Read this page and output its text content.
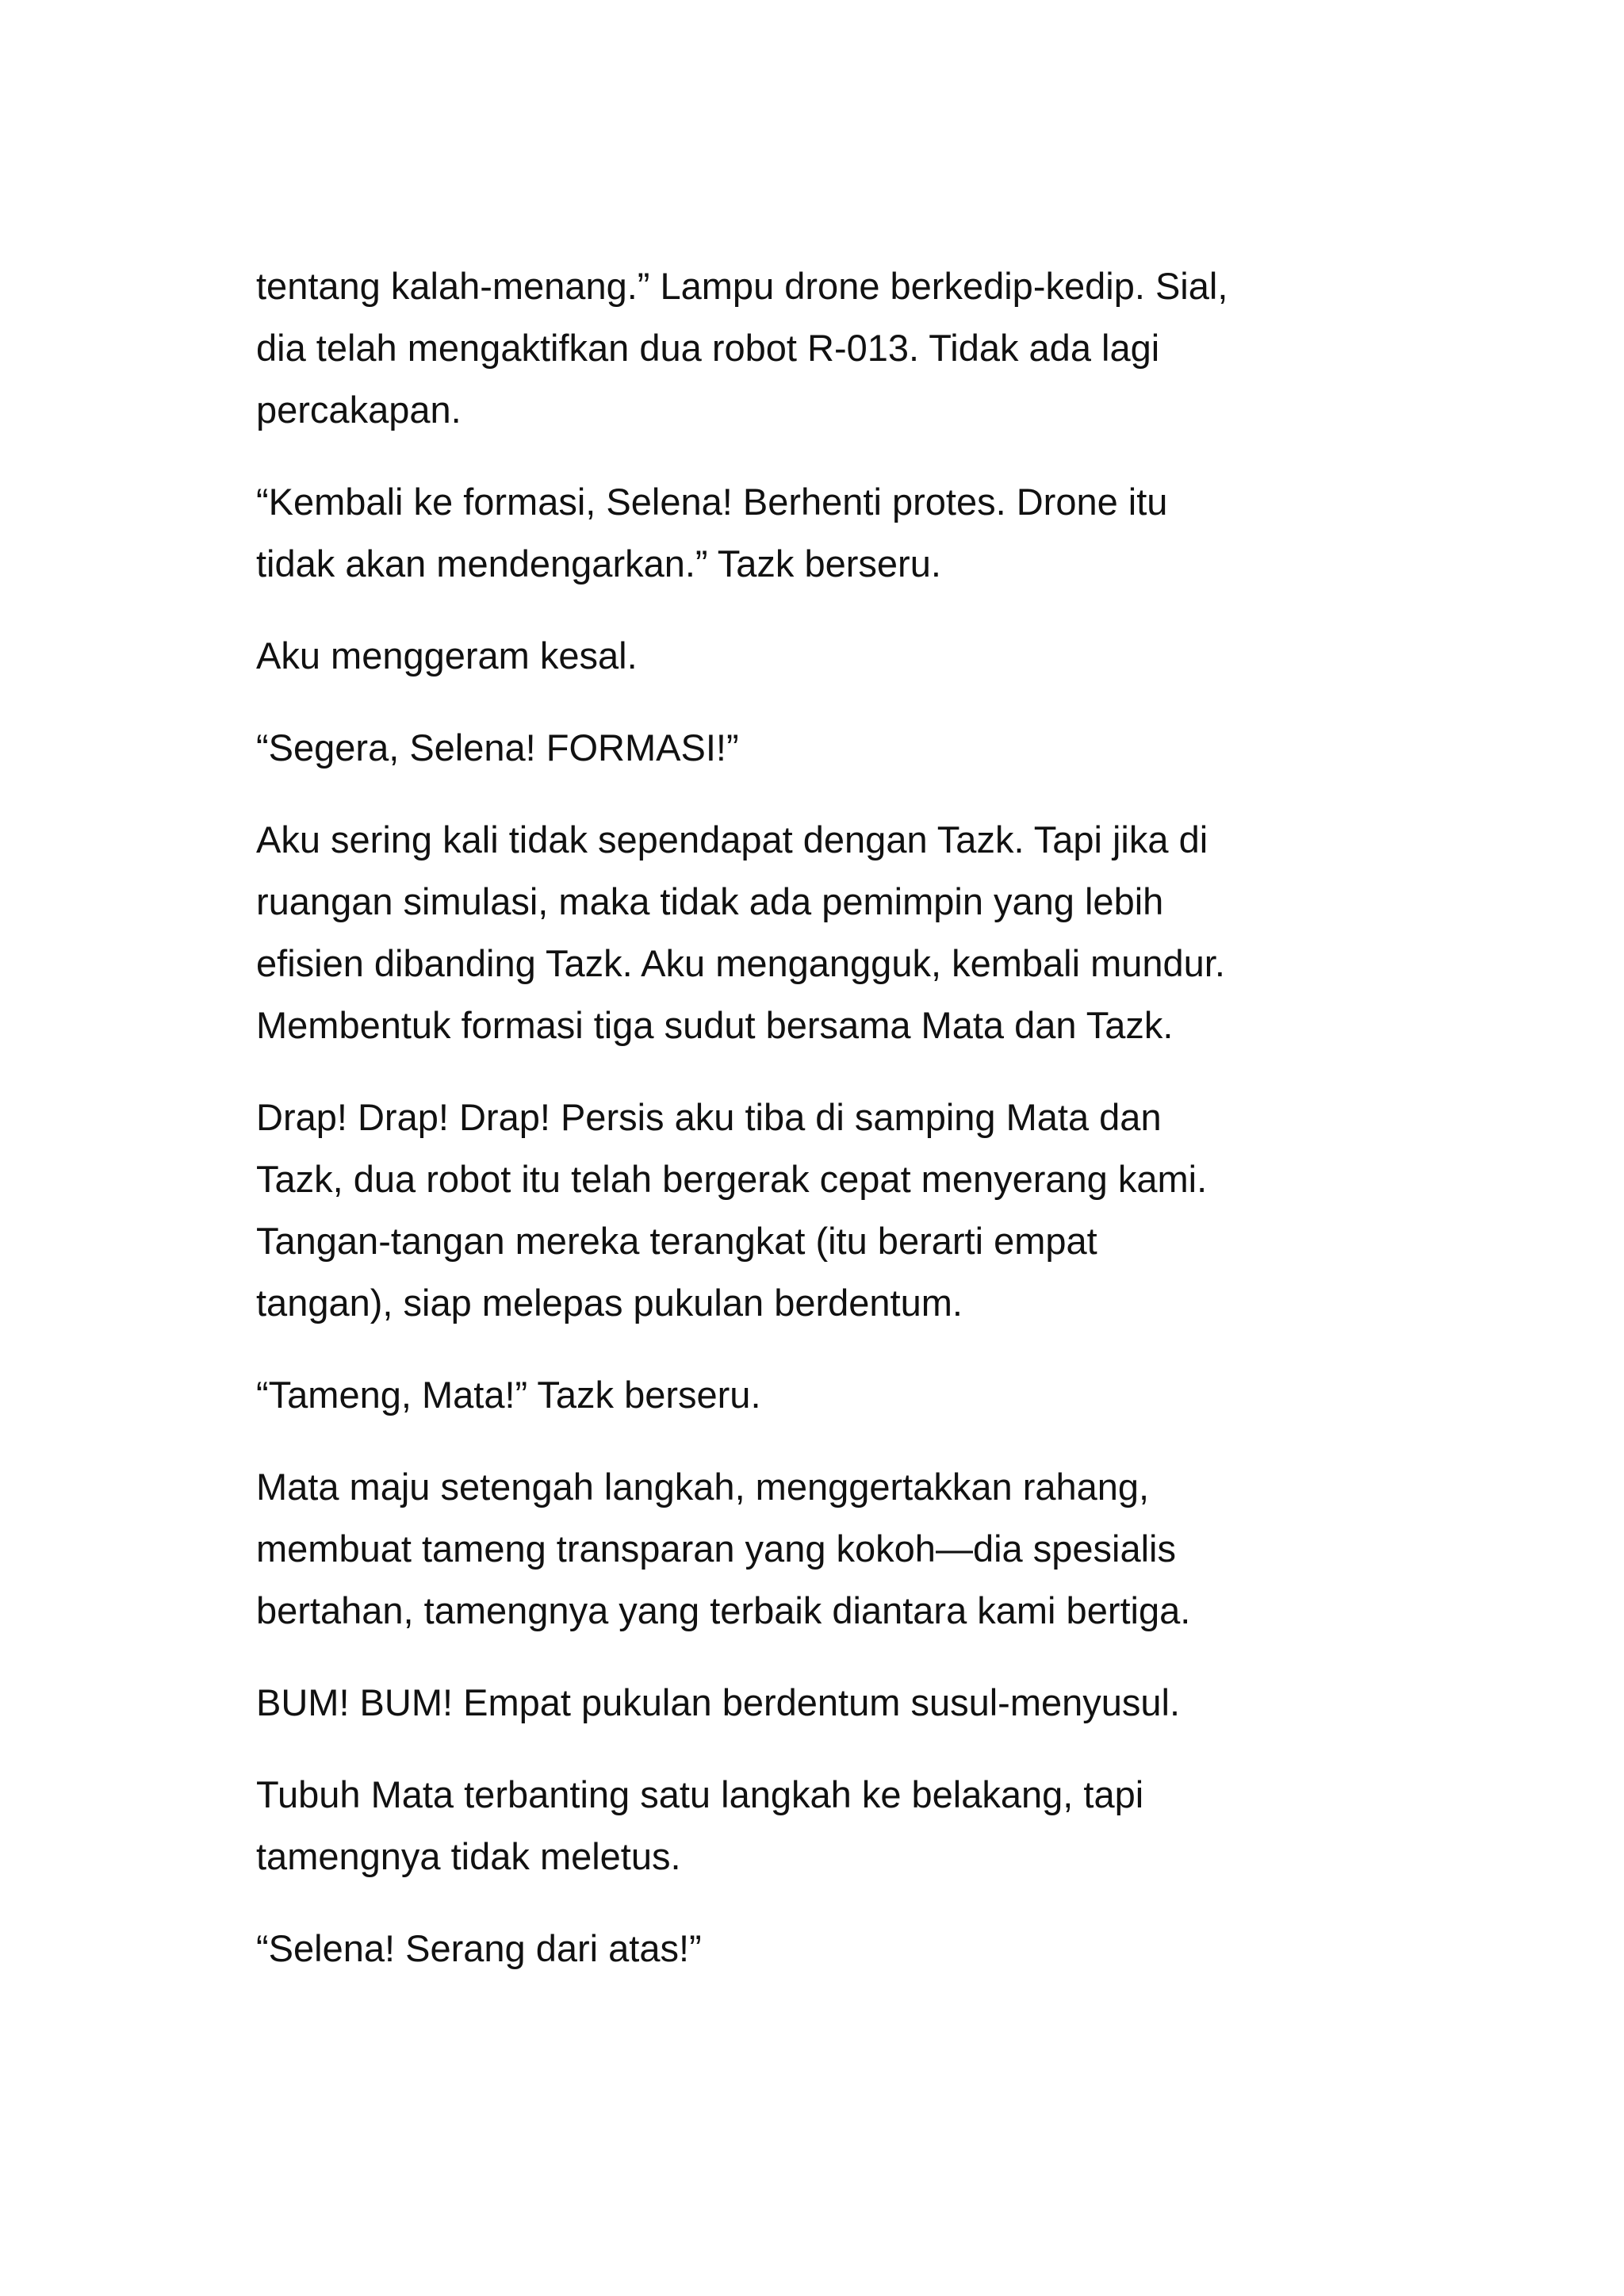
tentang kalah-menang.” Lampu drone berkedip-kedip. Sial,
dia telah mengaktifkan dua robot R-013. Tidak ada lagi
percakapan.

“Kembali ke formasi, Selena! Berhenti protes. Drone itu
tidak akan mendengarkan.” Tazk berseru.

Aku menggeram kesal.

“Segera, Selena! FORMASI!”

Aku sering kali tidak sependapat dengan Tazk. Tapi jika di
ruangan simulasi, maka tidak ada pemimpin yang lebih
efisien dibanding Tazk. Aku mengangguk, kembali mundur.
Membentuk formasi tiga sudut bersama Mata dan Tazk.

Drap! Drap! Drap! Persis aku tiba di samping Mata dan
Tazk, dua robot itu telah bergerak cepat menyerang kami.
Tangan-tangan mereka terangkat (itu berarti empat
tangan), siap melepas pukulan berdentum.

“Tameng, Mata!” Tazk berseru.

Mata maju setengah langkah, menggertakkan rahang,
membuat tameng transparan yang kokoh—dia spesialis
bertahan, tamengnya yang terbaik diantara kami bertiga.

BUM! BUM! Empat pukulan berdentum susul-menyusul.

Tubuh Mata terbanting satu langkah ke belakang, tapi
tamengnya tidak meletus.

“Selena! Serang dari atas!”
